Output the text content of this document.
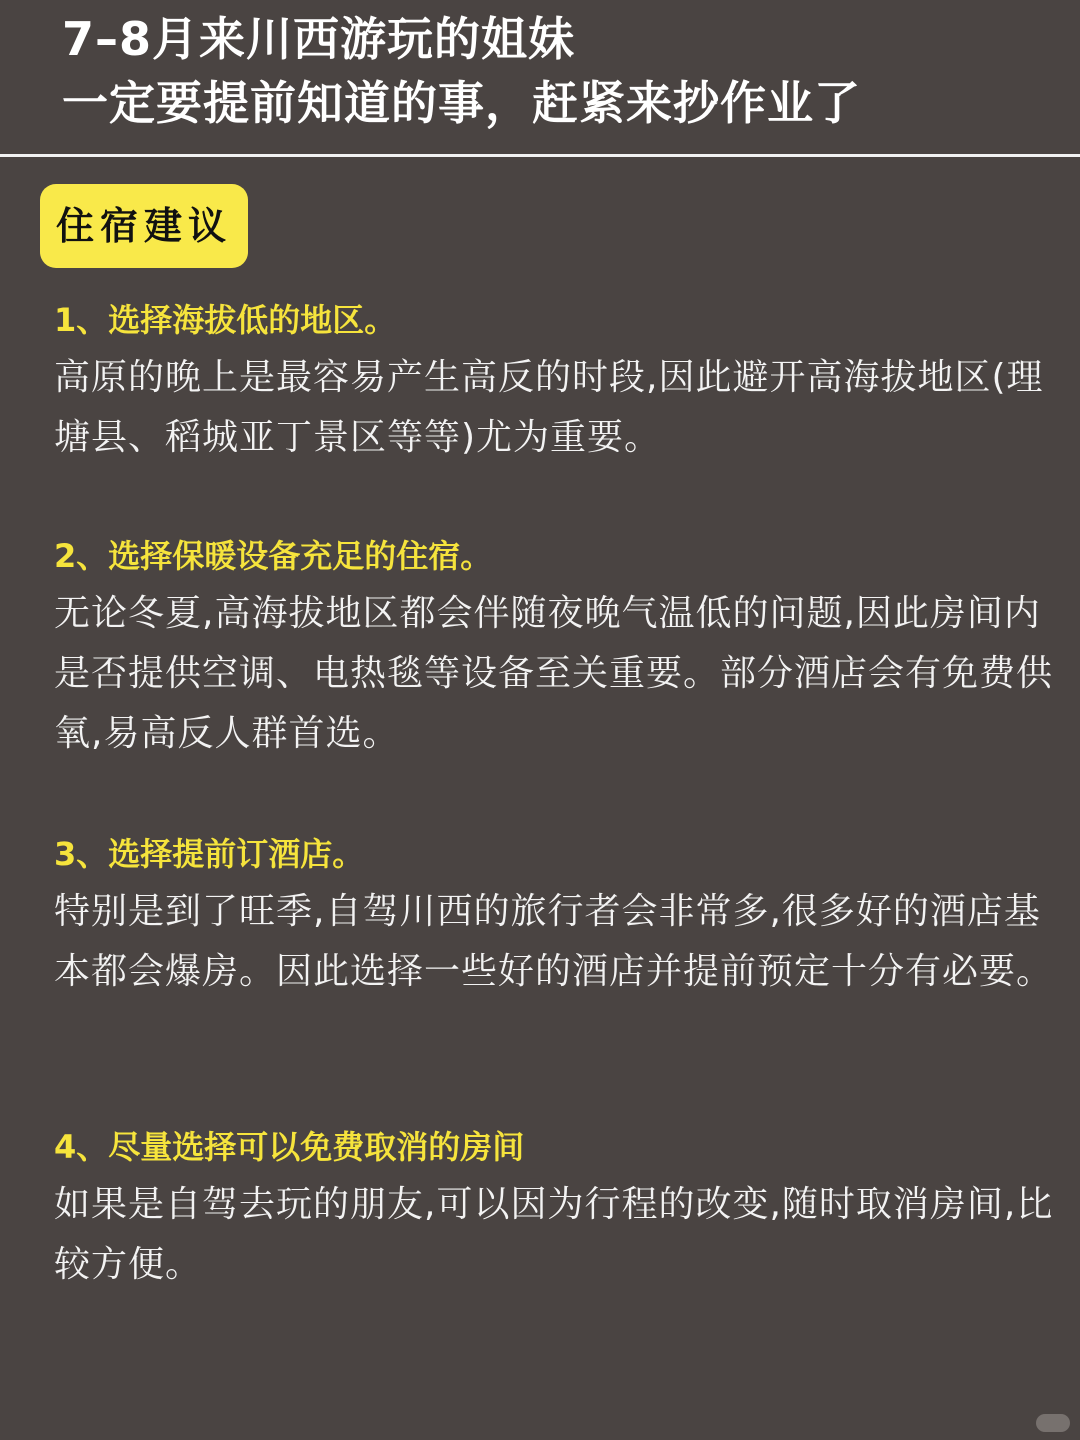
7–8月来川西游玩的姐妹
一定要提前知道的事，赶紧来抄作业了
住宿建议
1、选择海拔低的地区。
高原的晚上是最容易产生高反的时段,因此避开高海拔地区(理塘县、稻城亚丁景区等等)尤为重要。
2、选择保暖设备充足的住宿。
无论冬夏,高海拔地区都会伴随夜晚气温低的问题,因此房间内是否提供空调、电热毯等设备至关重要。部分酒店会有免费供氧,易高反人群首选。
3、选择提前订酒店。
特别是到了旺季,自驾川西的旅行者会非常多,很多好的酒店基本都会爆房。因此选择一些好的酒店并提前预定十分有必要。
4、尽量选择可以免费取消的房间
如果是自驾去玩的朋友,可以因为行程的改变,随时取消房间,比较方便。
